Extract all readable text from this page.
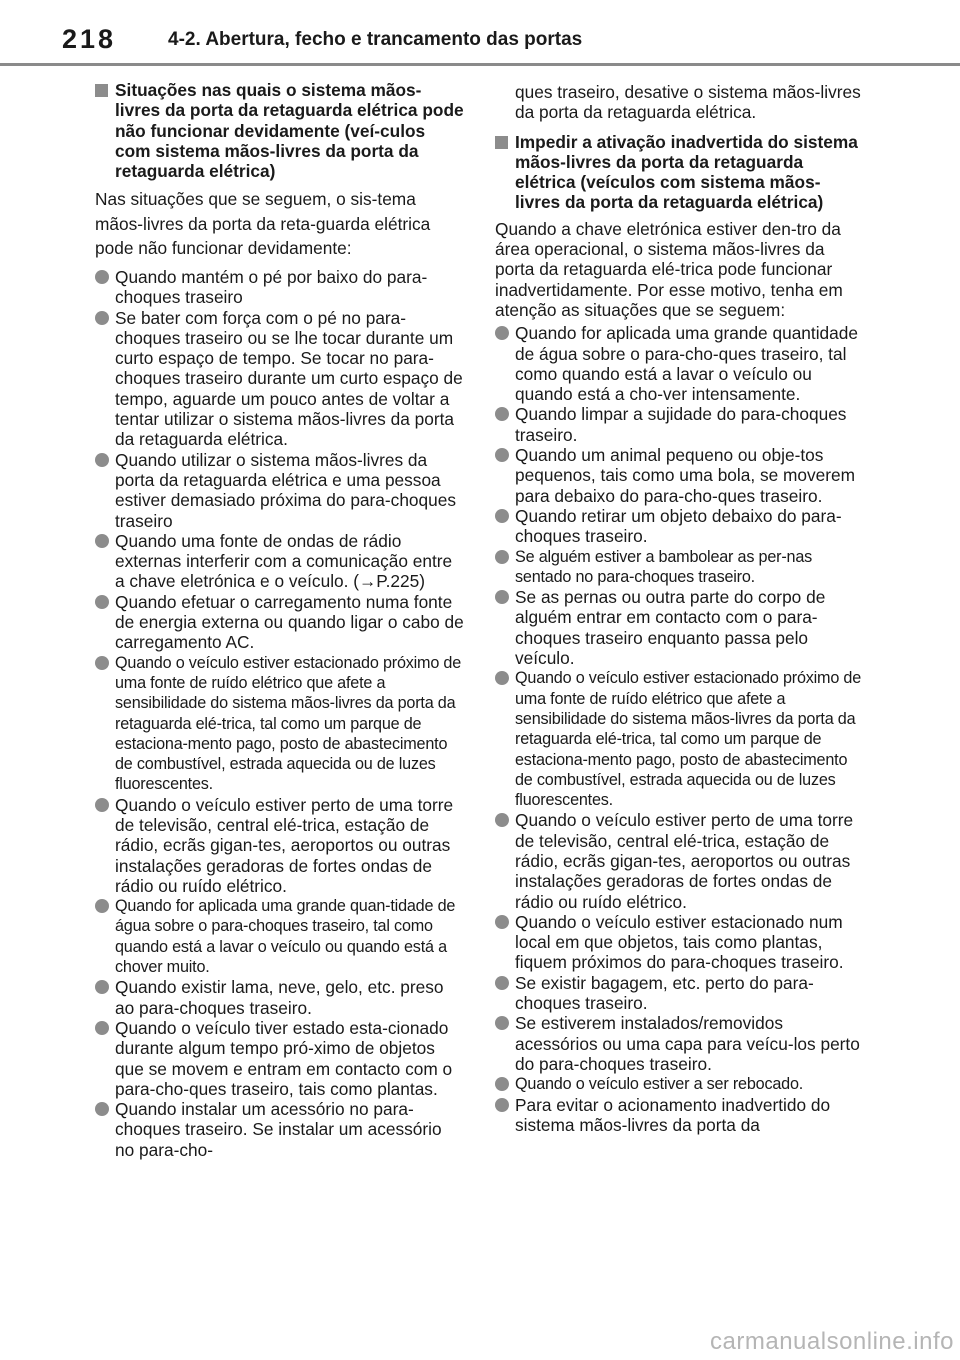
218	4-2. Abertura, fecho e trancamento das portas
Situações nas quais o sistema mãos-livres da porta da retaguarda elétrica pode não funcionar devidamente (veí-culos com sistema mãos-livres da porta da retaguarda elétrica)
Nas situações que se seguem, o sis-tema mãos-livres da porta da reta-guarda elétrica pode não funcionar devidamente:
Quando mantém o pé por baixo do para-choques traseiro
Se bater com força com o pé no para-choques traseiro ou se lhe tocar durante um curto espaço de tempo. Se tocar no para-choques traseiro durante um curto espaço de tempo, aguarde um pouco antes de voltar a tentar utilizar o sistema mãos-livres da porta da retaguarda elétrica.
Quando utilizar o sistema mãos-livres da porta da retaguarda elétrica e uma pessoa estiver demasiado próxima do para-choques traseiro
Quando uma fonte de ondas de rádio externas interferir com a comunicação entre a chave eletrónica e o veículo. (→P.225)
Quando efetuar o carregamento numa fonte de energia externa ou quando ligar o cabo de carregamento AC.
Quando o veículo estiver estacionado próximo de uma fonte de ruído elétrico que afete a sensibilidade do sistema mãos-livres da porta da retaguarda elé-trica, tal como um parque de estaciona-mento pago, posto de abastecimento de combustível, estrada aquecida ou de luzes fluorescentes.
Quando o veículo estiver perto de uma torre de televisão, central elé-trica, estação de rádio, ecrãs gigan-tes, aeroportos ou outras instalações geradoras de fortes ondas de rádio ou ruído elétrico.
Quando for aplicada uma grande quan-tidade de água sobre o para-choques traseiro, tal como quando está a lavar o veículo ou quando está a chover muito.
Quando existir lama, neve, gelo, etc. preso ao para-choques traseiro.
Quando o veículo tiver estado esta-cionado durante algum tempo pró-ximo de objetos que se movem e entram em contacto com o para-cho-ques traseiro, tais como plantas.
Quando instalar um acessório no para-choques traseiro. Se instalar um acessório no para-cho-
ques traseiro, desative o sistema mãos-livres da porta da retaguarda elétrica.
Impedir a ativação inadvertida do sistema mãos-livres da porta da retaguarda elétrica (veículos com sistema mãos-livres da porta da retaguarda elétrica)
Quando a chave eletrónica estiver den-tro da área operacional, o sistema mãos-livres da porta da retaguarda elé-trica pode funcionar inadvertidamente. Por esse motivo, tenha em atenção as situações que se seguem:
Quando for aplicada uma grande quantidade de água sobre o para-cho-ques traseiro, tal como quando está a lavar o veículo ou quando está a cho-ver intensamente.
Quando limpar a sujidade do para-choques traseiro.
Quando um animal pequeno ou obje-tos pequenos, tais como uma bola, se moverem para debaixo do para-cho-ques traseiro.
Quando retirar um objeto debaixo do para-choques traseiro.
Se alguém estiver a bambolear as per-nas sentado no para-choques traseiro.
Se as pernas ou outra parte do corpo de alguém entrar em contacto com o para-choques traseiro enquanto passa pelo veículo.
Quando o veículo estiver estacionado próximo de uma fonte de ruído elétrico que afete a sensibilidade do sistema mãos-livres da porta da retaguarda elé-trica, tal como um parque de estaciona-mento pago, posto de abastecimento de combustível, estrada aquecida ou de luzes fluorescentes.
Quando o veículo estiver perto de uma torre de televisão, central elé-trica, estação de rádio, ecrãs gigan-tes, aeroportos ou outras instalações geradoras de fortes ondas de rádio ou ruído elétrico.
Quando o veículo estiver estacionado num local em que objetos, tais como plantas, fiquem próximos do para-choques traseiro.
Se existir bagagem, etc. perto do para-choques traseiro.
Se estiverem instalados/removidos acessórios ou uma capa para veícu-los perto do para-choques traseiro.
Quando o veículo estiver a ser rebocado.
Para evitar o acionamento inadvertido do sistema mãos-livres da porta da
carmanualsonline.info
